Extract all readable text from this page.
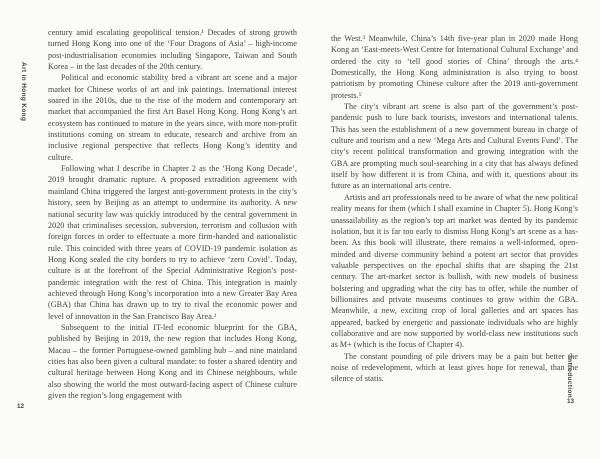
Art in Hong Kong
12

century amid escalating geopolitical tension.¹ Decades of strong growth turned Hong Kong into one of the ‘Four Dragons of Asia’ – high-income post-industrialisation economies including Singapore, Taiwan and South Korea – in the last decades of the 20th century.

Political and economic stability bred a vibrant art scene and a major market for Chinese works of art and ink paintings. International interest soared in the 2010s, due to the rise of the modern and contemporary art market that accompanied the first Art Basel Hong Kong. Hong Kong’s art ecosystem has continued to mature in the years since, with more non-profit institutions coming on stream to educate, research and archive from an inclusive regional perspective that reflects Hong Kong’s identity and culture.

Following what I describe in Chapter 2 as the ‘Hong Kong Decade’, 2019 brought dramatic rupture. A proposed extradition agreement with mainland China triggered the largest anti-government protests in the city’s history, seen by Beijing as an attempt to undermine its authority. A new national security law was quickly introduced by the central government in 2020 that criminalises secession, subversion, terrorism and collusion with foreign forces in order to effectuate a more firm-handed and nationalistic rule. This coincided with three years of COVID-19 pandemic isolation as Hong Kong sealed the city borders to try to achieve ‘zero Covid’. Today, culture is at the forefront of the Special Administrative Region’s post-pandemic integration with the rest of China. This integration is mainly achieved through Hong Kong’s incorporation into a new Greater Bay Area (GBA) that China has drawn up to try to rival the economic power and level of innovation in the San Francisco Bay Area.²

Subsequent to the initial IT-led economic blueprint for the GBA, published by Beijing in 2019, the new region that includes Hong Kong, Macau – the former Portuguese-owned gambling hub – and nine mainland cities has also been given a cultural mandate: to foster a shared identity and cultural heritage between Hong Kong and its Chinese neighbours, while also showing the world the most outward-facing aspect of Chinese culture given the region’s long engagement with

the West.³ Meanwhile, China’s 14th five-year plan in 2020 made Hong Kong an ‘East-meets-West Centre for International Cultural Exchange’ and ordered the city to ‘tell good stories of China’ through the arts.⁴ Domestically, the Hong Kong administration is also trying to boost patriotism by promoting Chinese culture after the 2019 anti-government protests.⁵

The city’s vibrant art scene is also part of the government’s post-pandemic push to lure back tourists, investors and international talents. This has seen the establishment of a new government bureau in charge of culture and tourism and a new ‘Mega Arts and Cultural Events Fund’. The city’s recent political transformation and growing integration with the GBA are prompting much soul-searching in a city that has always defined itself by how different it is from China, and with it, questions about its future as an international arts centre.

Artists and art professionals need to be aware of what the new political reality means for them (which I shall examine in Chapter 5). Hong Kong’s unassailability as the region’s top art market was dented by its pandemic isolation, but it is far too early to dismiss Hong Kong’s art scene as a has-been. As this book will illustrate, there remains a well-informed, open-minded and diverse community behind a potent art sector that provides valuable perspectives on the epochal shifts that are shaping the 21st century. The art-market sector is bullish, with new models of business bolstering and upgrading what the city has to offer, while the number of billionaires and private museums continues to grow within the GBA. Meanwhile, a new, exciting crop of local galleries and art spaces has appeared, backed by energetic and passionate individuals who are highly collaborative and are now supported by world-class new institutions such as M+ (which is the focus of Chapter 4).

The constant pounding of pile drivers may be a pain but better the noise of redevelopment, which at least gives hope for renewal, than the silence of statis.	Introduction
13
